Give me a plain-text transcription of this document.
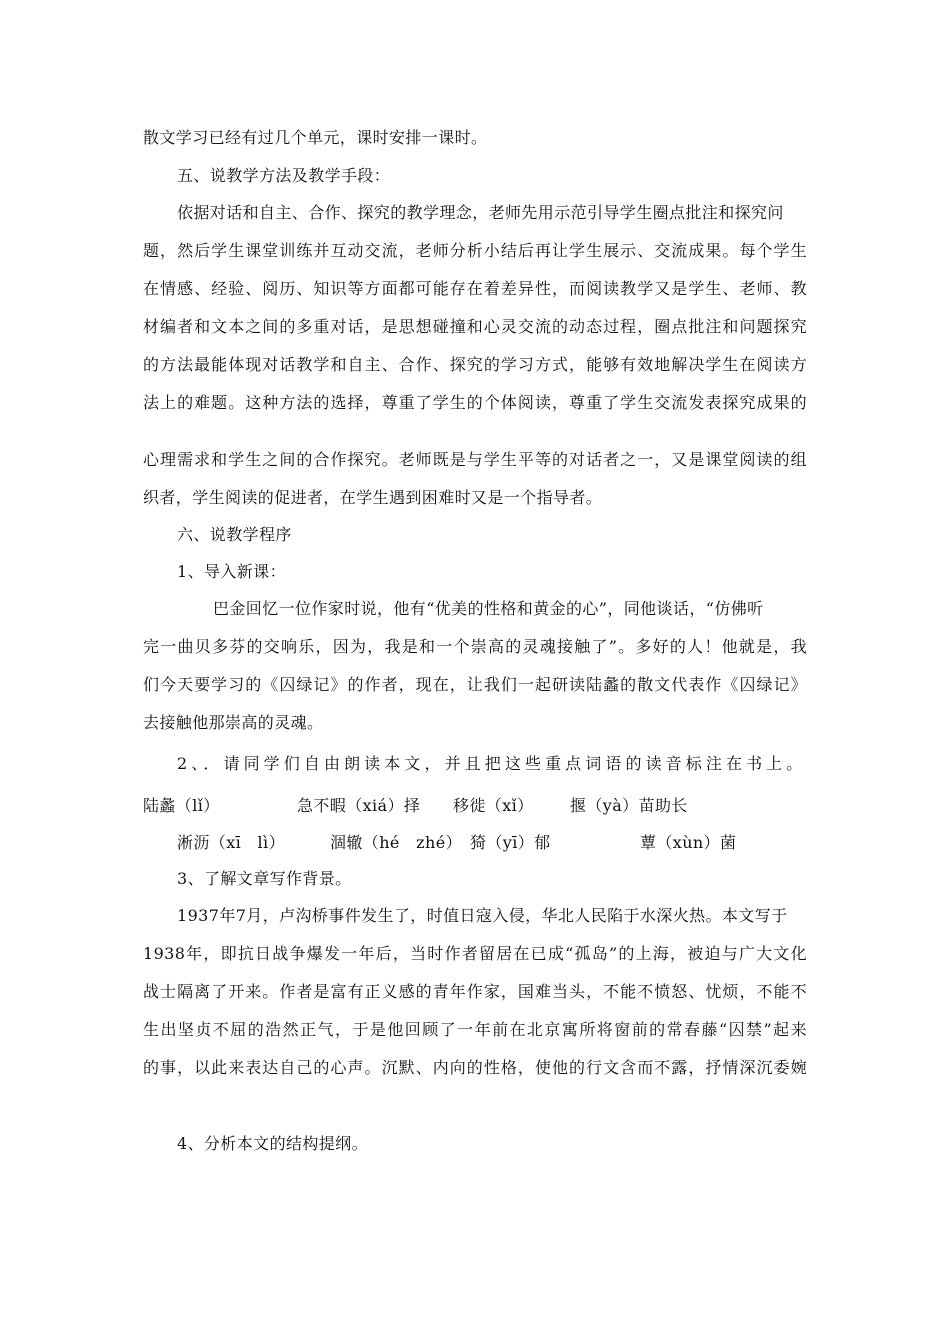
散文学习已经有过几个单元，课时安排一课时。
五、说教学方法及教学手段：
依据对话和自主、合作、探究的教学理念，老师先用示范引导学生圈点批注和探究问
题，然后学生课堂训练并互动交流，老师分析小结后再让学生展示、交流成果。每个学生
在情感、经验、阅历、知识等方面都可能存在着差异性，而阅读教学又是学生、老师、教
材编者和文本之间的多重对话，是思想碰撞和心灵交流的动态过程，圈点批注和问题探究
的方法最能体现对话教学和自主、合作、探究的学习方式，能够有效地解决学生在阅读方
法上的难题。这种方法的选择，尊重了学生的个体阅读，尊重了学生交流发表探究成果的
心理需求和学生之间的合作探究。老师既是与学生平等的对话者之一，又是课堂阅读的组
织者，学生阅读的促进者，在学生遇到困难时又是一个指导者。
六、说教学程序
1、导入新课：
巴金回忆一位作家时说，他有“优美的性格和黄金的心”，同他谈话，“仿佛听
完一曲贝多芬的交响乐，因为，我是和一个崇高的灵魂接触了”。多好的人！他就是，我
们今天要学习的《囚绿记》的作者，现在，让我们一起研读陆蠡的散文代表作《囚绿记》
去接触他那崇高的灵魂。
2、．请同学们自由朗读本文，并且把这些重点词语的读音标注在书上。
陆蠡（lǐ）	急不暇（xiá）择 移徙（xǐ） 揠（yà）苗助长
淅沥（xī　lì）	涸辙（hé　zhé） 猗（yī）郁	蕈（xùn）菌
3、了解文章写作背景。
1937年7月，卢沟桥事件发生了，时值日寇入侵，华北人民陷于水深火热。本文写于
1938年，即抗日战争爆发一年后，当时作者留居在已成“孤岛”的上海，被迫与广大文化
战士隔离了开来。作者是富有正义感的青年作家，国难当头，不能不愤怒、忧烦，不能不
生出坚贞不屈的浩然正气，于是他回顾了一年前在北京寓所将窗前的常春藤“囚禁”起来
的事，以此来表达自己的心声。沉默、内向的性格，使他的行文含而不露，抒情深沉委婉
4、分析本文的结构提纲。
